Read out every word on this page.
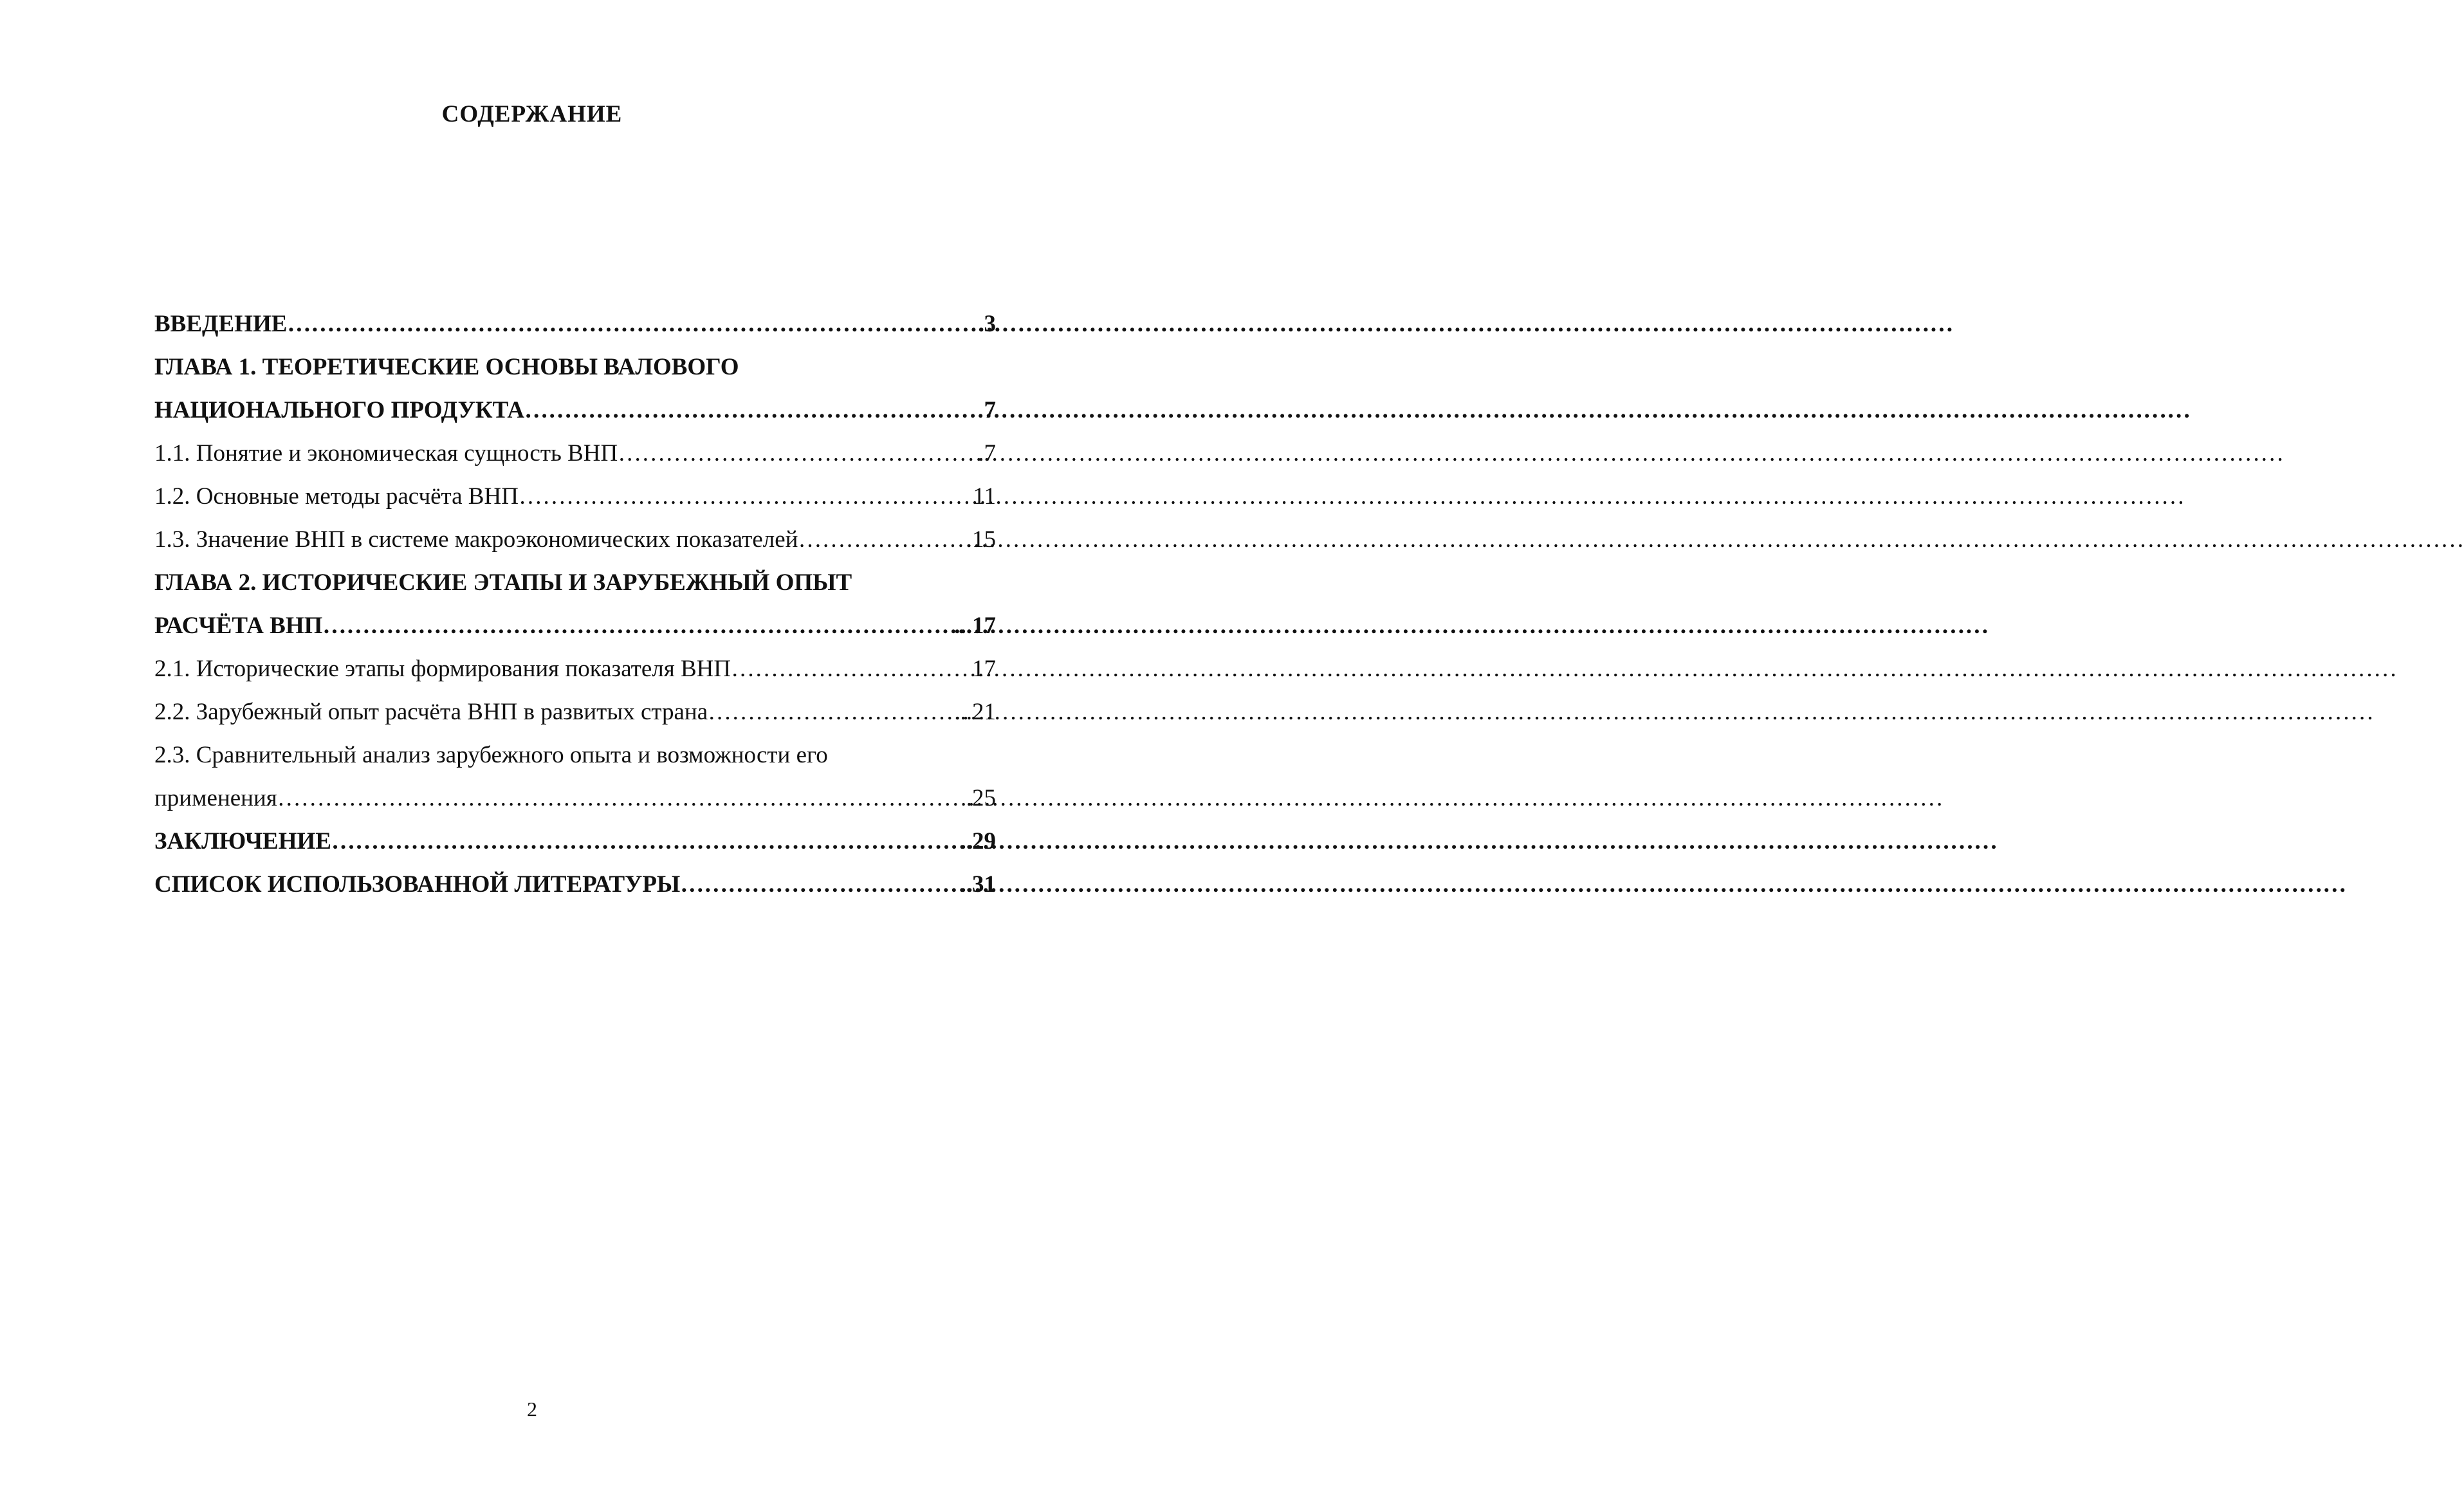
СОДЕРЖАНИЕ
ВВЕДЕНИЕ …………………………………………………………………………………………………………………………………………………………………………………………	.3
ГЛАВА 1. ТЕОРЕТИЧЕСКИЕ ОСНОВЫ ВАЛОВОГО
НАЦИОНАЛЬНОГО ПРОДУКТА …………………………………………………………………………………………………………………………………………………………………………………………	7
1.1. Понятие и экономическая сущность ВНП …………………………………………………………………………………………………………………………………………………………………………………………	.7
1.2. Основные методы расчёта ВНП …………………………………………………………………………………………………………………………………………………………………………………………	11
1.3. Значение ВНП в системе макроэкономических показателей …………………………………………………………………………………………………………………………………………………………………………………………	.15
ГЛАВА 2. ИСТОРИЧЕСКИЕ ЭТАПЫ И ЗАРУБЕЖНЫЙ ОПЫТ
РАСЧЁТА ВНП …………………………………………………………………………………………………………………………………………………………………………………………	...17
2.1. Исторические этапы формирования показателя ВНП …………………………………………………………………………………………………………………………………………………………………………………………	17
2.2. Зарубежный опыт расчёта ВНП в развитых страна …………………………………………………………………………………………………………………………………………………………………………………………	...21
2.3. Сравнительный анализ зарубежного опыта и возможности его
применения …………………………………………………………………………………………………………………………………………………………………………………………	.25
ЗАКЛЮЧЕНИЕ …………………………………………………………………………………………………………………………………………………………………………………………	..29
СПИСОК ИСПОЛЬЗОВАННОЙ ЛИТЕРАТУРЫ …………………………………………………………………………………………………………………………………………………………………………………………	..31
2
